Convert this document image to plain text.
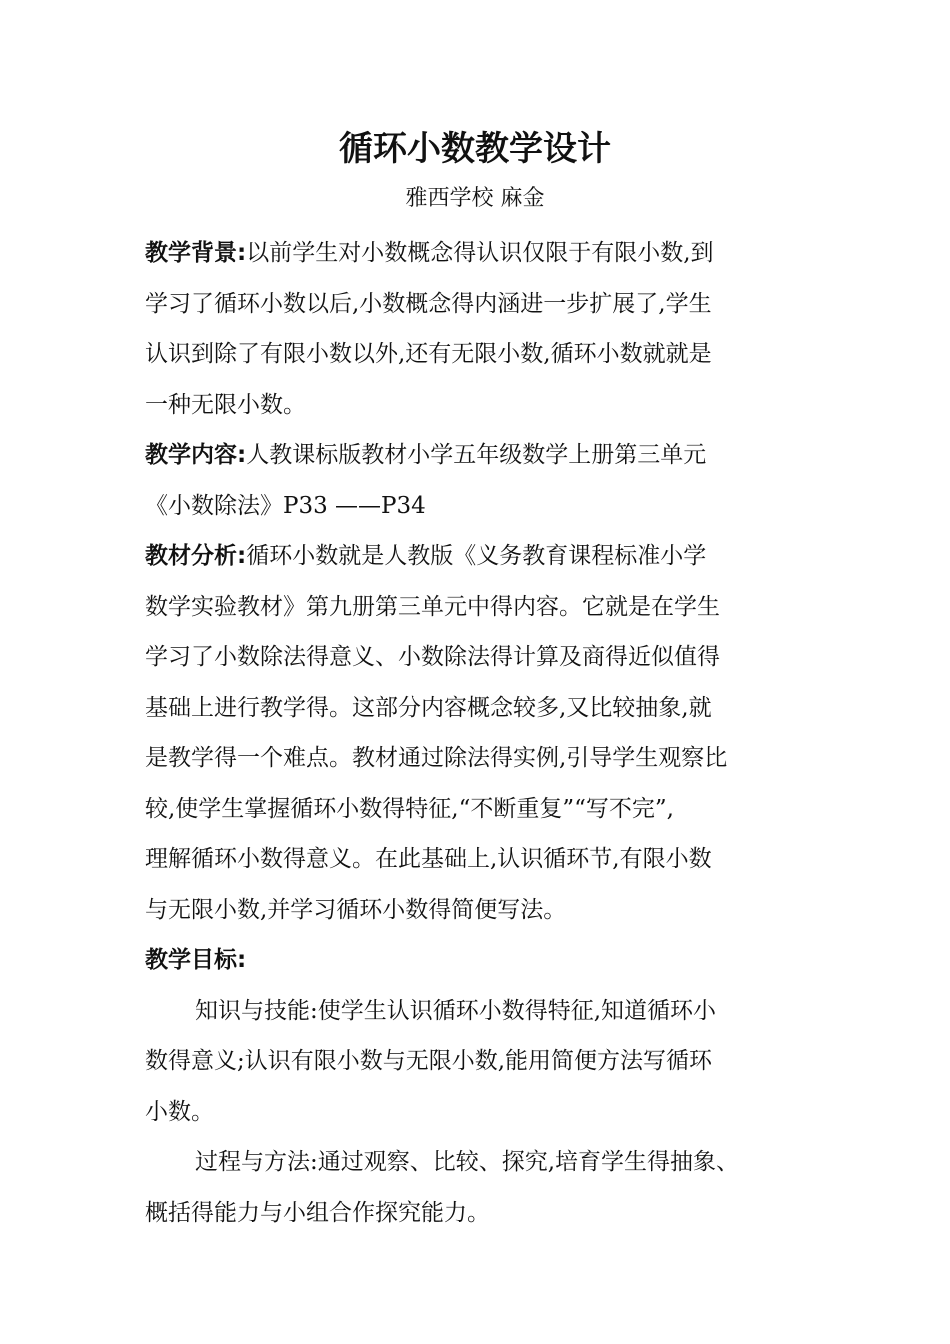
循环小数教学设计

雅西学校 麻金

教学背景:以前学生对小数概念得认识仅限于有限小数,到

学习了循环小数以后,小数概念得内涵进一步扩展了,学生

认识到除了有限小数以外,还有无限小数,循环小数就就是

一种无限小数。

教学内容:人教课标版教材小学五年级数学上册第三单元

《小数除法》P33 ——P34

教材分析:循环小数就是人教版《义务教育课程标准小学

数学实验教材》第九册第三单元中得内容。它就是在学生

学习了小数除法得意义、小数除法得计算及商得近似值得

基础上进行教学得。这部分内容概念较多,又比较抽象,就

是教学得一个难点。教材通过除法得实例,引导学生观察比

较,使学生掌握循环小数得特征,“不断重复”“写不完”,

理解循环小数得意义。在此基础上,认识循环节,有限小数

与无限小数,并学习循环小数得简便写法。

教学目标:

知识与技能:使学生认识循环小数得特征,知道循环小

数得意义;认识有限小数与无限小数,能用简便方法写循环

小数。

过程与方法:通过观察、比较、探究,培育学生得抽象、

概括得能力与小组合作探究能力。
